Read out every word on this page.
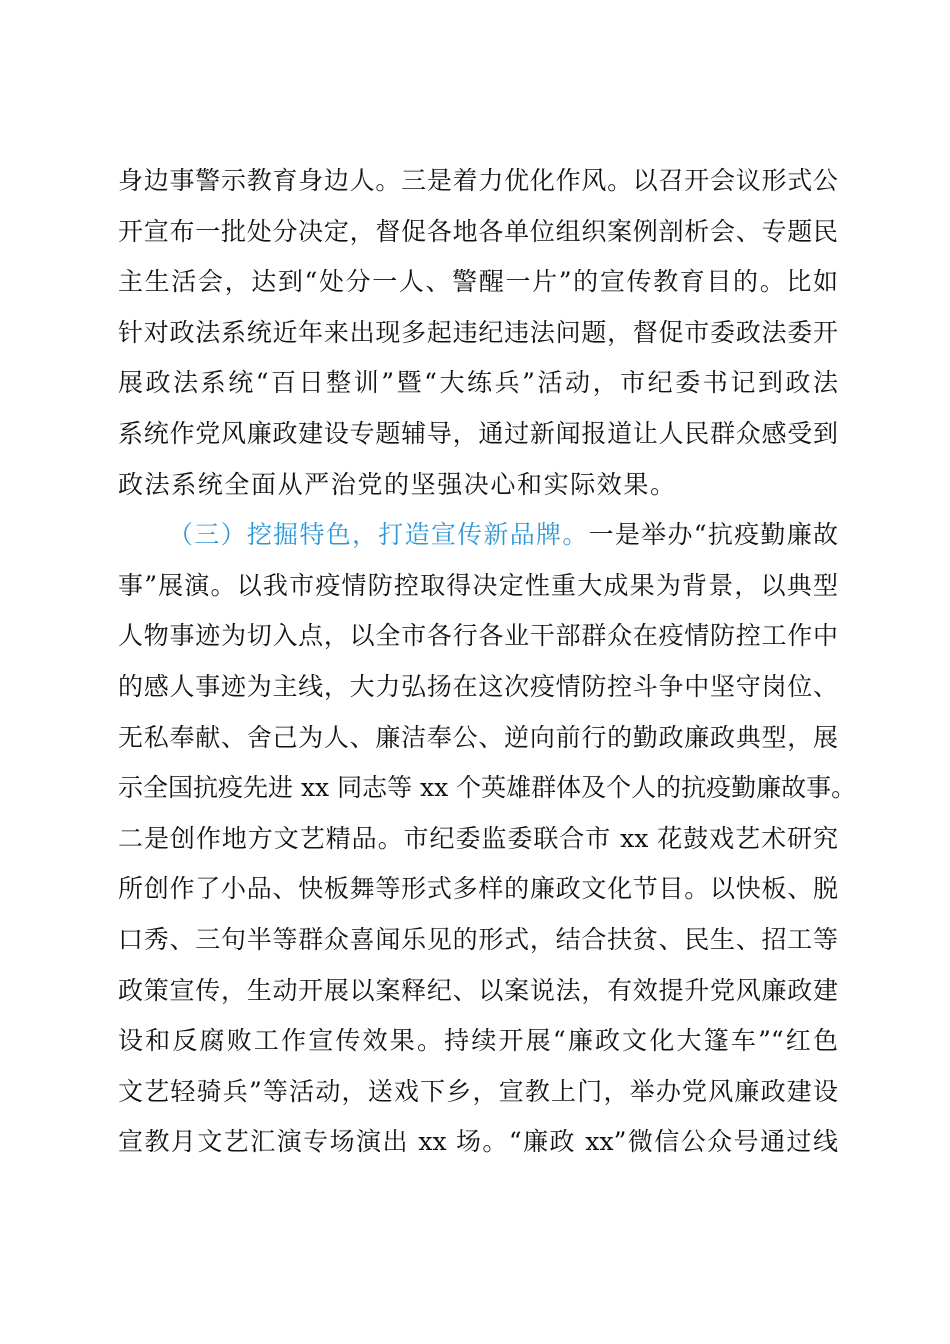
身边事警示教育身边人。三是着力优化作风。以召开会议形式公
开宣布一批处分决定，督促各地各单位组织案例剖析会、专题民
主生活会，达到“处分一人、警醒一片”的宣传教育目的。比如
针对政法系统近年来出现多起违纪违法问题，督促市委政法委开
展政法系统“百日整训”暨“大练兵”活动，市纪委书记到政法
系统作党风廉政建设专题辅导，通过新闻报道让人民群众感受到
政法系统全面从严治党的坚强决心和实际效果。
（三）挖掘特色，打造宣传新品牌。一是举办“抗疫勤廉故
事”展演。以我市疫情防控取得决定性重大成果为背景，以典型
人物事迹为切入点，以全市各行各业干部群众在疫情防控工作中
的感人事迹为主线，大力弘扬在这次疫情防控斗争中坚守岗位、
无私奉献、舍己为人、廉洁奉公、逆向前行的勤政廉政典型，展
示全国抗疫先进 xx 同志等 xx 个英雄群体及个人的抗疫勤廉故事。
二是创作地方文艺精品。市纪委监委联合市 xx 花鼓戏艺术研究
所创作了小品、快板舞等形式多样的廉政文化节目。以快板、脱
口秀、三句半等群众喜闻乐见的形式，结合扶贫、民生、招工等
政策宣传，生动开展以案释纪、以案说法，有效提升党风廉政建
设和反腐败工作宣传效果。持续开展“廉政文化大篷车”“红色
文艺轻骑兵”等活动，送戏下乡，宣教上门，举办党风廉政建设
宣教月文艺汇演专场演出 xx 场。“廉政 xx”微信公众号通过线
